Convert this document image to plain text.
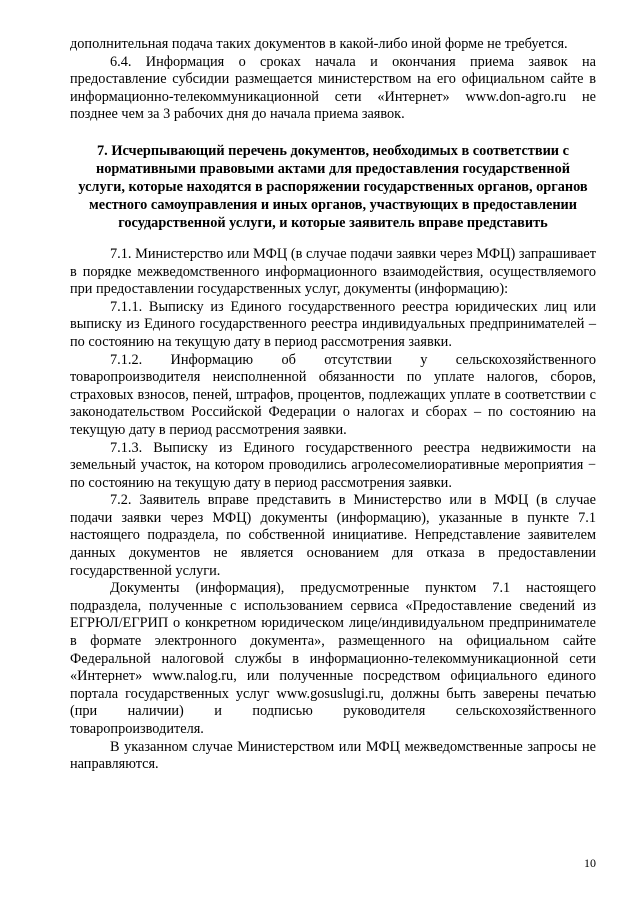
дополнительная подача таких документов в какой-либо иной форме не требуется.

6.4. Информация о сроках начала и окончания приема заявок на предоставление субсидии размещается министерством на его официальном сайте в информационно-телекоммуникационной сети «Интернет» www.don-agro.ru не позднее чем за 3 рабочих дня до начала приема заявок.

7. Исчерпывающий перечень документов, необходимых в соответствии с нормативными правовыми актами для предоставления государственной услуги, которые находятся в распоряжении государственных органов, органов местного самоуправления и иных органов, участвующих в предоставлении государственной услуги, и которые заявитель вправе представить

7.1. Министерство или МФЦ (в случае подачи заявки через МФЦ) запрашивает в порядке межведомственного информационного взаимодействия, осуществляемого при предоставлении государственных услуг, документы (информацию):

7.1.1. Выписку из Единого государственного реестра юридических лиц или выписку из Единого государственного реестра индивидуальных предпринимателей – по состоянию на текущую дату в период рассмотрения заявки.

7.1.2. Информацию об отсутствии у сельскохозяйственного товаропроизводителя неисполненной обязанности по уплате налогов, сборов, страховых взносов, пеней, штрафов, процентов, подлежащих уплате в соответствии с законодательством Российской Федерации о налогах и сборах – по состоянию на текущую дату в период рассмотрения заявки.

7.1.3. Выписку из Единого государственного реестра недвижимости на земельный участок, на котором проводились агролесомелиоративные мероприятия − по состоянию на текущую дату в период рассмотрения заявки.

7.2. Заявитель вправе представить в Министерство или в МФЦ (в случае подачи заявки через МФЦ) документы (информацию), указанные в пункте 7.1 настоящего подраздела, по собственной инициативе. Непредставление заявителем данных документов не является основанием для отказа в предоставлении государственной услуги.

Документы (информация), предусмотренные пунктом 7.1 настоящего подраздела, полученные с использованием сервиса «Предоставление сведений из ЕГРЮЛ/ЕГРИП о конкретном юридическом лице/индивидуальном предпринимателе в формате электронного документа», размещенного на официальном сайте Федеральной налоговой службы в информационно-телекоммуникационной сети «Интернет» www.nalog.ru, или полученные посредством официального единого портала государственных услуг www.gosuslugi.ru, должны быть заверены печатью (при наличии) и подписью руководителя сельскохозяйственного товаропроизводителя.

В указанном случае Министерством или МФЦ межведомственные запросы не направляются.

10
